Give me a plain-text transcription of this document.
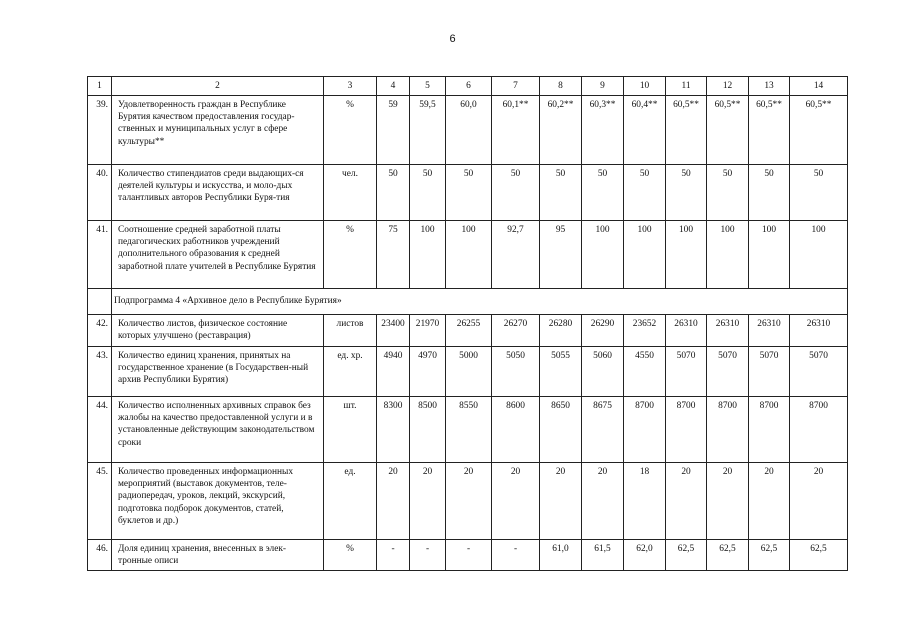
6
1	2	3	4	5	6	7	8	9	10	11	12	13	14
39.	Удовлетворенность граждан в Республике Бурятия качеством предоставления государ-ственных и муниципальных услуг в сфере культуры**	%	59	59,5	60,0	60,1**	60,2**	60,3**	60,4**	60,5**	60,5**	60,5**	60,5**
40.	Количество стипендиатов среди выдающих-ся деятелей культуры и искусства, и моло-дых талантливых авторов Республики Буря-тия	чел.	50	50	50	50	50	50	50	50	50	50	50
41.	Соотношение средней заработной платы педагогических работников учреждений дополнительного образования к средней заработной плате учителей в Республике Бурятия	%	75	100	100	92,7	95	100	100	100	100	100	100
	Подпрограмма 4 «Архивное дело в Республике Бурятия»												
42.	Количество листов, физическое состояние которых улучшено (реставрация)	листов	23400	21970	26255	26270	26280	26290	23652	26310	26310	26310	26310
43.	Количество единиц хранения, принятых на государственное хранение (в Государствен-ный архив Республики Бурятия)	ед. хр.	4940	4970	5000	5050	5055	5060	4550	5070	5070	5070	5070
44.	Количество исполненных архивных справок без жалобы на качество предоставленной услуги и в установленные действующим законодательством сроки	шт.	8300	8500	8550	8600	8650	8675	8700	8700	8700	8700	8700
45.	Количество проведенных информационных мероприятий (выставок документов, теле-радиопередач, уроков, лекций, экскурсий, подготовка подборок документов, статей, буклетов и др.)	ед.	20	20	20	20	20	20	18	20	20	20	20
46.	Доля единиц хранения, внесенных в элек-тронные описи	%	-	-	-	-	61,0	61,5	62,0	62,5	62,5	62,5	62,5
